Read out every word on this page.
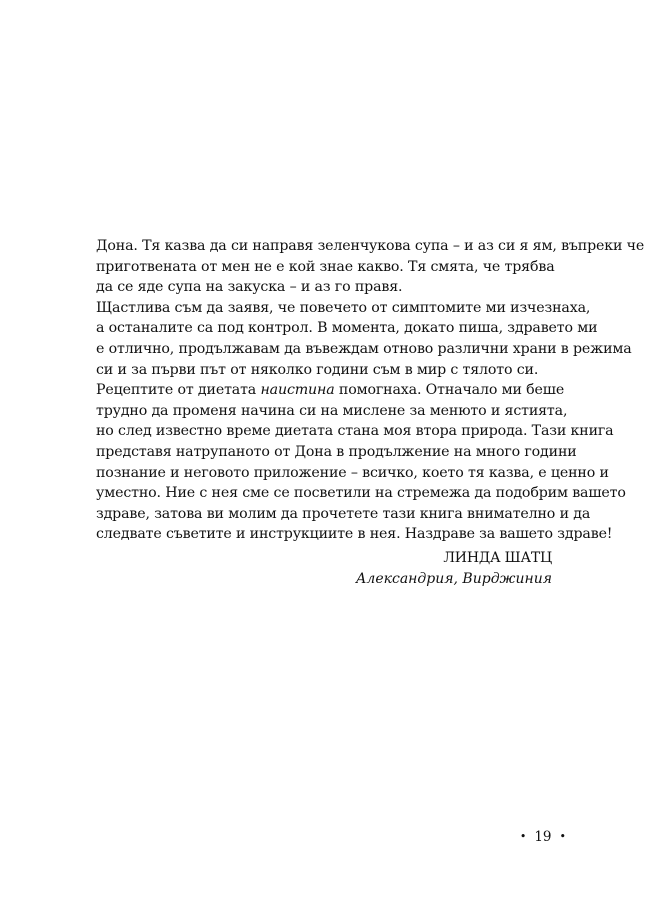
Дона. Тя казва да си направя зеленчукова супа – и аз си я ям, въпреки че
приготвената от мен не е кой знае какво. Тя смята, че трябва
да се яде супа на закуска – и аз го правя.
Щастлива съм да заявя, че повечето от симптомите ми изчезнаха,
а останалите са под контрол. В момента, докато пиша, здравето ми
е отлично, продължавам да въвеждам отново различни храни в режима
си и за първи път от няколко години съм в мир с тялото си.
Рецептите от диетата наистина помогнаха. Отначало ми беше
трудно да променя начина си на мислене за менюто и ястията,
но след известно време диетата стана моя втора природа. Тази книга
представя натрупаното от Дона в продължение на много години
познание и неговото приложение – всичко, което тя казва, е ценно и
уместно. Ние с нея сме се посветили на стремежа да подобрим вашето
здраве, затова ви молим да прочетете тази книга внимателно и да
следвате съветите и инструкциите в нея. Наздраве за вашето здраве!
ЛИНДА ШАТЦ
Александрия, Вирджиния
• 19 •
